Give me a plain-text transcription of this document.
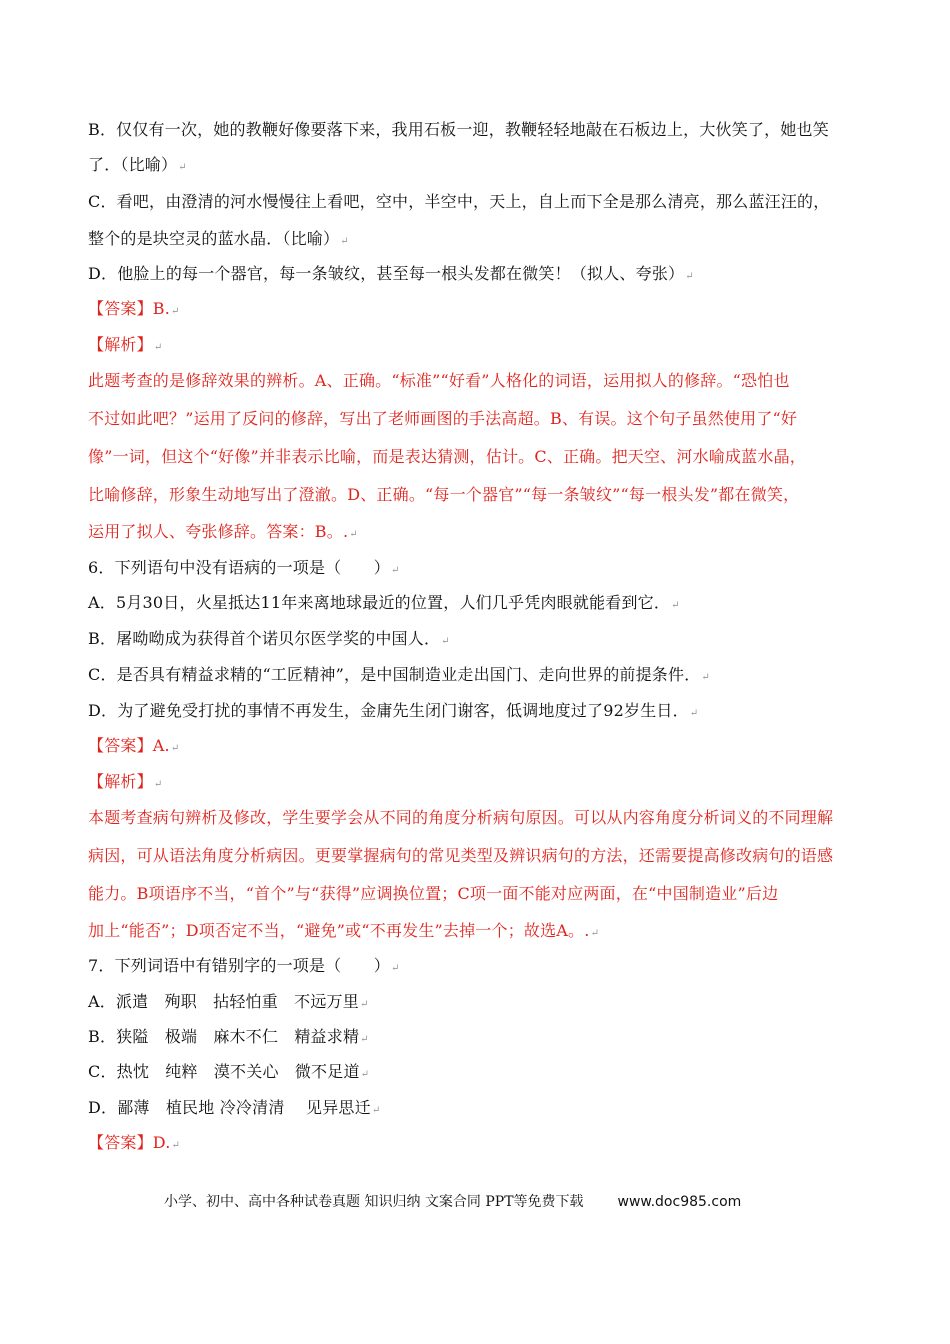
B．仅仅有一次，她的教鞭好像要落下来，我用石板一迎，教鞭轻轻地敲在石板边上，大伙笑了，她也笑
了．（比喻）↵
C．看吧，由澄清的河水慢慢往上看吧，空中，半空中，天上，自上而下全是那么清亮，那么蓝汪汪的，
整个的是块空灵的蓝水晶．（比喻）↵
D．他脸上的每一个器官，每一条皱纹，甚至每一根头发都在微笑！（拟人、夸张）↵
【答案】B.↵
【解析】↵
此题考查的是修辞效果的辨析。A、正确。“标准”“好看”人格化的词语，运用拟人的修辞。“恐怕也
不过如此吧？”运用了反问的修辞，写出了老师画图的手法高超。B、有误。这个句子虽然使用了“好
像”一词，但这个“好像”并非表示比喻，而是表达猜测，估计。C、正确。把天空、河水喻成蓝水晶，
比喻修辞，形象生动地写出了澄澈。D、正确。“每一个器官”“每一条皱纹”“每一根头发”都在微笑，
运用了拟人、夸张修辞。答案：B。.↵
6．下列语句中没有语病的一项是（　　）↵
A．5月30日，火星抵达11年来离地球最近的位置，人们几乎凭肉眼就能看到它．↵
B．屠呦呦成为获得首个诺贝尔医学奖的中国人．↵
C．是否具有精益求精的“工匠精神”，是中国制造业走出国门、走向世界的前提条件．↵
D．为了避免受打扰的事情不再发生，金庸先生闭门谢客，低调地度过了92岁生日．↵
【答案】A.↵
【解析】↵
本题考查病句辨析及修改，学生要学会从不同的角度分析病句原因。可以从内容角度分析词义的不同理解
病因，可从语法角度分析病因。更要掌握病句的常见类型及辨识病句的方法，还需要提高修改病句的语感
能力。B项语序不当，“首个”与“获得”应调换位置；C项一面不能对应两面，在“中国制造业”后边
加上“能否”；D项否定不当，“避免”或“不再发生”去掉一个；故选A。.↵
7．下列词语中有错别字的一项是（　　）↵
A．派遣　殉职　拈轻怕重　不远万里↵
B．狭隘　极端　麻木不仁　精益求精↵
C．热忱　纯粹　漠不关心　微不足道↵
D．鄙薄　植民地 冷冷清清　 见异思迁↵
【答案】D.↵
小学、初中、高中各种试卷真题 知识归纳 文案合同 PPT等免费下载 www.doc985.com
